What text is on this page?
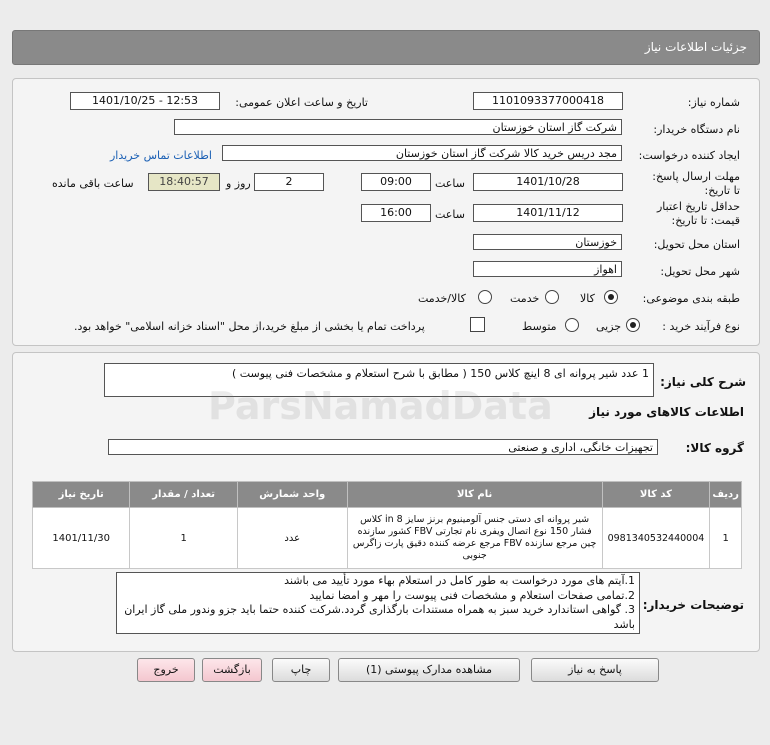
جزئیات اطلاعات نیاز
شماره نیاز:
1101093377000418
تاریخ و ساعت اعلان عمومی:
1401/10/25 - 12:53
نام دستگاه خریدار:
شرکت گاز استان خوزستان
ایجاد کننده درخواست:
مجد دریس خرید کالا شرکت گاز استان خوزستان
اطلاعات تماس خریدار
مهلت ارسال پاسخ: تا تاریخ:
1401/10/28
ساعت
09:00
2
روز و
18:40:57
ساعت باقی مانده
حداقل تاریخ اعتبار قیمت: تا تاریخ:
1401/11/12
ساعت
16:00
استان محل تحویل:
خوزستان
شهر محل تحویل:
اهواز
طبقه بندی موضوعی:
کالا
خدمت
کالا/خدمت
نوع فرآیند خرید :
جزیی
متوسط
پرداخت تمام یا بخشی از مبلغ خرید،از محل "اسناد خزانه اسلامی" خواهد بود.
شرح کلی نیاز:
1 عدد شیر پروانه ای 8 اینچ کلاس 150 ( مطابق با شرح استعلام و مشخصات فنی پیوست )
اطلاعات کالاهای مورد نیاز
گروه کالا:
تجهیزات خانگی، اداری و صنعتی
ردیف	کد کالا	نام کالا	واحد شمارش	تعداد / مقدار	تاریخ نیاز
1	0981340532440004	شیر پروانه ای دستی جنس آلومینیوم برنز سایز in 8 کلاس فشار 150 نوع اتصال ویفری نام تجارتی FBV کشور سازنده چین مرجع سازنده FBV مرجع عرضه کننده دقیق پارت زاگرس جنوبی	عدد	1	1401/11/30
توضیحات خریدار:
1.آیتم های مورد درخواست به طور کامل در استعلام بهاء مورد تأیید می باشند
2.تمامی صفحات استعلام و مشخصات فنی پیوست را مهر و امضا نمایید
3. گواهی استاندارد خرید سبز به همراه مستندات بارگذاری گردد.شرکت کننده حتما باید جزو وندور ملی گاز ایران باشد
ParsNamadData
پاسخ به نیاز
مشاهده مدارک پیوستی (1)
چاپ
بازگشت
خروج
